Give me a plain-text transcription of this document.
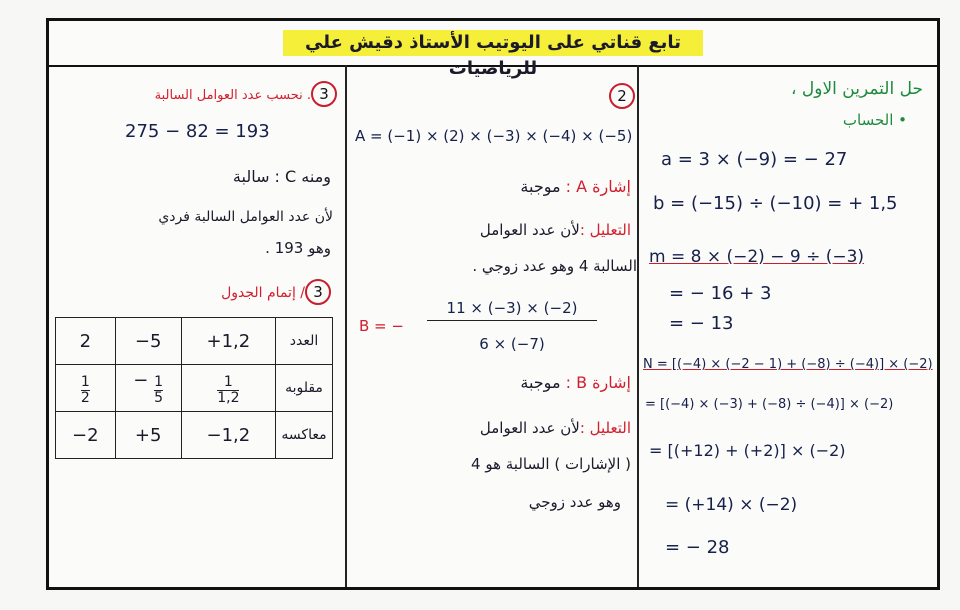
تابع قناتي على اليوتيب الأستاذ دقيش علي للرياضيات
حل التمرين الاول ،
• الحساب
a = 3 × (−9) = − 27
b = (−15) ÷ (−10) = + 1,5
m = 8 × (−2) − 9 ÷ (−3)
= − 16 + 3
= − 13
N = [(−4) × (−2 − 1) + (−8) ÷ (−4)] × (−2)
= [(−4) × (−3) + (−8) ÷ (−4)] × (−2)
= [(+12) + (+2)] × (−2)
= (+14) × (−2)
= − 28
2
A = (−1) × (2) × (−3) × (−4) × (−5)
إشارة A : موجبة
التعليل :لأن عدد العوامل
السالبة 4 وهو عدد زوجي .
B = −
11 × (−3) × (−2)
6 × (−7)
إشارة B : موجبة
التعليل :لأن عدد العوامل
( الإشارات ) السالبة هو 4
وهو عدد زوجي
3. نحسب عدد العوامل السالبة
275 − 82 = 193
ومنه C : سالبة
لأن عدد العوامل السالبة فردي
وهو 193 .
3/ إتمام الجدول
2	−5	+1,2	العدد

$\frac{1}{2}$	− $\frac{1}{5}$	$\frac{1}{1,2}$	مقلوبه
−2	+5	−1,2	معاكسه
